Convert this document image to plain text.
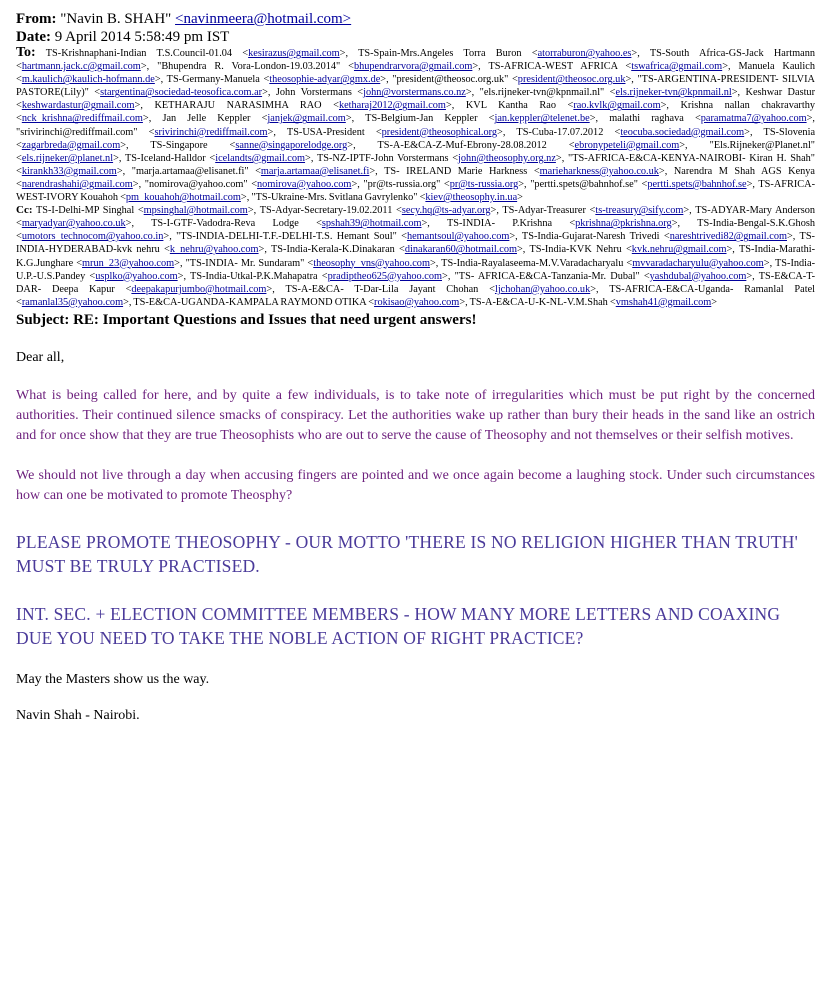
From: "Navin B. SHAH" <navinmeera@hotmail.com>
Date: 9 April 2014 5:58:49 pm IST
To: TS-Krishnaphani-Indian T.S.Council-01.04 <kesirazus@gmail.com>, TS-Spain-Mrs.Angeles Torra Buron <atorraburon@yahoo.es>, TS-South Africa-GS-Jack Hartmann <hartmann.jack.c@gmail.com>, "Bhupendra R. Vora-London-19.03.2014" <bhupendrarvora@gmail.com>, TS-AFRICA-WEST AFRICA <tswafrica@gmail.com>, Manuela Kaulich <m.kaulich@kaulich-hofmann.de>, TS-Germany-Manuela <theosophie-adyar@gmx.de>, "president@theosoc.org.uk" <president@theosoc.org.uk>, "TS-ARGENTINA-PRESIDENT- SILVIA PASTORE(Lily)" <stargentina@sociedad-teosofica.com.ar>, John Vorstermans <john@vorstermans.co.nz>, "els.rijneker-tvn@kpnmail.nl" <els.rijneker-tvn@kpnmail.nl>, Keshwar Dastur <keshwardastur@gmail.com>, KETHARAJU NARASIMHA RAO <ketharaj2012@gmail.com>, KVL Kantha Rao <rao.kvlk@gmail.com>, Krishna nallan chakravarthy <nck_krishna@rediffmail.com>, Jan Jelle Keppler <janjek@gmail.com>, TS-Belgium-Jan Keppler <jan.keppler@telenet.be>, malathi raghava <paramatma7@yahoo.com>, "srivirinchi@rediffmail.com" <srivirinchi@rediffmail.com>, TS-USA-President <president@theosophical.org>, TS-Cuba-17.07.2012 <teocuba.sociedad@gmail.com>, TS-Slovenia <zagarbreda@gmail.com>, TS-Singapore <sanne@singaporelodge.org>, TS-A-E&CA-Z-Muf-Ebrony-28.08.2012 <ebronypeteli@gmail.com>, "Els.Rijneker@Planet.nl" <els.rijneker@planet.nl>, TS-Iceland-Halldor <icelandts@gmail.com>, TS-NZ-IPTF-John Vorstermans <john@theosophy.org.nz>, "TS-AFRICA-E&CA-KENYA-NAIROBI- Kiran H. Shah" <kirankh33@gmail.com>, "marja.artamaa@elisanet.fi" <marja.artamaa@elisanet.fi>, TS- IRELAND Marie Harkness <marieharkness@yahoo.co.uk>, Narendra M Shah AGS Kenya <narendrashahi@gmail.com>, "nomirova@yahoo.com" <nomirova@yahoo.com>, "pr@ts-russia.org" <pr@ts-russia.org>, "pertti.spets@bahnhof.se" <pertti.spets@bahnhof.se>, TS-AFRICA-WEST-IVORY Kouahoh <pm_kouahoh@hotmail.com>, "TS-Ukraine-Mrs. Svitlana Gavrylenko" <kiev@theosophy.in.ua>
Cc: TS-I-Delhi-MP Singhal <mpsinghal@hotmail.com>, TS-Adyar-Secretary-19.02.2011 <secy.hq@ts-adyar.org>, TS-Adyar-Treasurer <ts-treasury@sify.com>, TS-ADYAR-Mary Anderson <maryadyar@yahoo.co.uk>, TS-I-GTF-Vadodra-Reva Lodge <spshah39@hotmail.com>, TS-INDIA- P.Krishna <pkrishna@pkrishna.org>, TS-India-Bengal-S.K.Ghosh <umotors_technocom@yahoo.co.in>, "TS-INDIA-DELHI-T.F.-DELHI-T.S. Hemant Soul" <hemantsoul@yahoo.com>, TS-India-Gujarat-Naresh Trivedi <nareshtrivedi82@gmail.com>, TS-INDIA-HYDERABAD-kvk nehru <k_nehru@yahoo.com>, TS-India-Kerala-K.Dinakaran <dinakaran60@hotmail.com>, TS-India-KVK Nehru <kvk.nehru@gmail.com>, TS-India-Marathi-K.G.Junghare <mrun_23@yahoo.com>, "TS-INDIA- Mr. Sundaram" <theosophy_vns@yahoo.com>, TS-India-Rayalaseema-M.V.Varadacharyalu <mvvaradacharyulu@yahoo.com>, TS-India-U.P.-U.S.Pandey <usplko@yahoo.com>, TS-India-Utkal-P.K.Mahapatra <pradiptheo625@yahoo.com>, "TS- AFRICA-E&CA-Tanzania-Mr. Dubal" <yashdubal@yahoo.com>, TS-E&CA-T-DAR- Deepa Kapur <deepakapurjumbo@hotmail.com>, TS-A-E&CA- T-Dar-Lila Jayant Chohan <ljchohan@yahoo.co.uk>, TS-AFRICA-E&CA-Uganda- Ramanlal Patel <ramanlal35@yahoo.com>, TS-E&CA-UGANDA-KAMPALA RAYMOND OTIKA <rokisao@yahoo.com>, TS-A-E&CA-U-K-NL-V.M.Shah <vmshah41@gmail.com>
Subject: RE: Important Questions and Issues that need urgent answers!
Dear all,
What is being called for here, and by quite a few individuals, is to take note of irregularities which must be put right by the concerned authorities. Their continued silence smacks of conspiracy. Let the authorities wake up rather than bury their heads in the sand like an ostrich and for once show that they are true Theosophists who are out to serve the cause of Theosophy and not themselves or their selfish motives.
We should not live through a day when accusing fingers are pointed and we once again become a laughing stock. Under such circumstances how can one be motivated to promote Theosphy?
PLEASE PROMOTE THEOSOPHY - OUR MOTTO 'THERE IS NO RELIGION HIGHER THAN TRUTH' MUST BE TRULY PRACTISED.
INT. SEC. + ELECTION COMMITTEE MEMBERS - HOW MANY MORE LETTERS AND COAXING DUE YOU NEED TO TAKE THE NOBLE ACTION OF RIGHT PRACTICE?
May the Masters show us the way.
Navin Shah - Nairobi.
